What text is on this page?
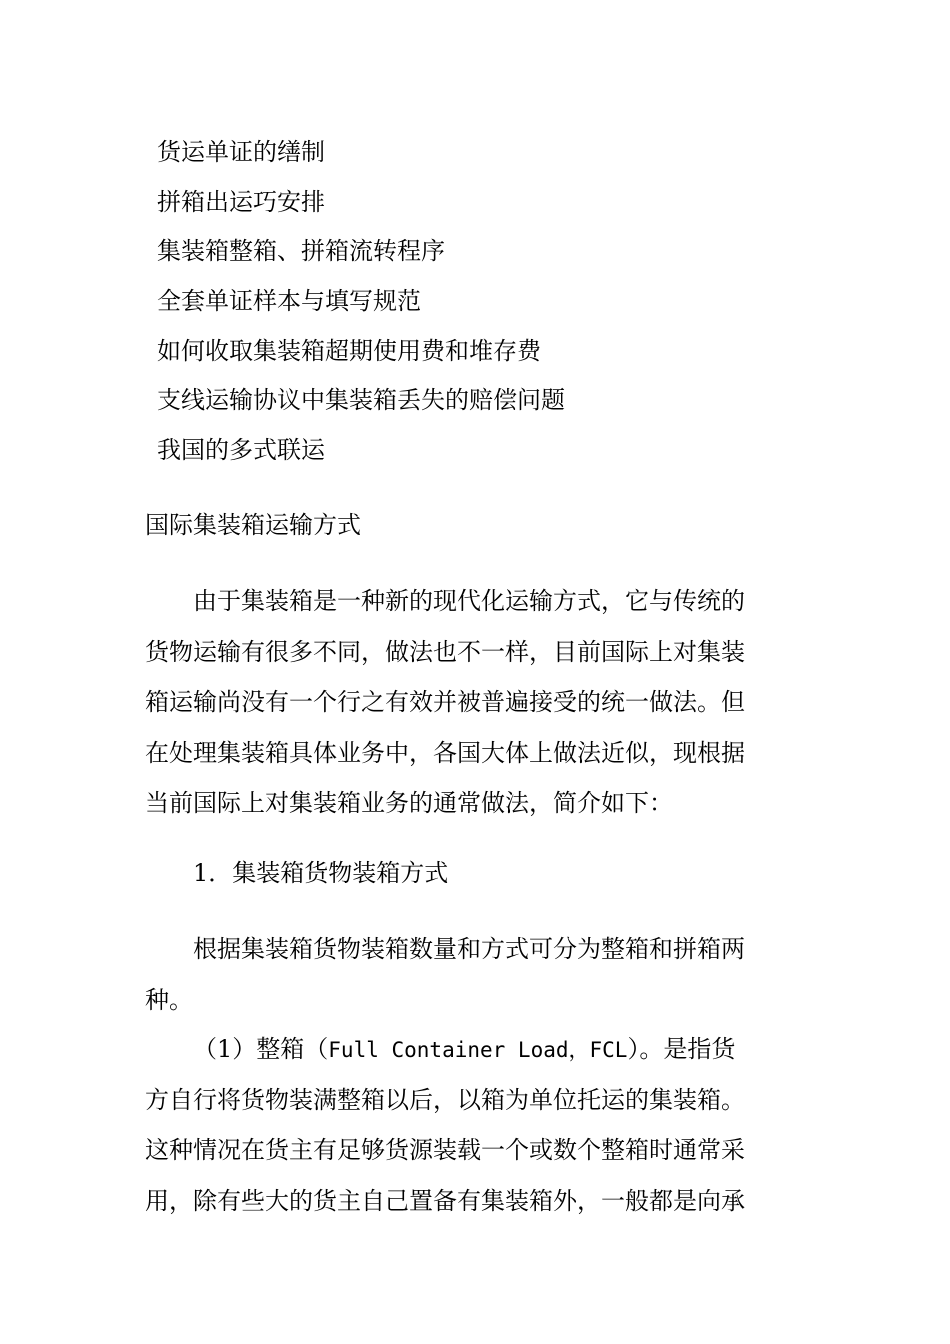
货运单证的缮制
拼箱出运巧安排
集装箱整箱、拼箱流转程序
全套单证样本与填写规范
如何收取集装箱超期使用费和堆存费
支线运输协议中集装箱丢失的赔偿问题
我国的多式联运
国际集装箱运输方式
由于集装箱是一种新的现代化运输方式，它与传统的
货物运输有很多不同，做法也不一样，目前国际上对集装
箱运输尚没有一个行之有效并被普遍接受的统一做法。但
在处理集装箱具体业务中，各国大体上做法近似，现根据
当前国际上对集装箱业务的通常做法，简介如下：
1．集装箱货物装箱方式
根据集装箱货物装箱数量和方式可分为整箱和拼箱两
种。
（1）整箱（Full Container Load，FCL）。是指货
方自行将货物装满整箱以后，以箱为单位托运的集装箱。
这种情况在货主有足够货源装载一个或数个整箱时通常采
用，除有些大的货主自己置备有集装箱外，一般都是向承
